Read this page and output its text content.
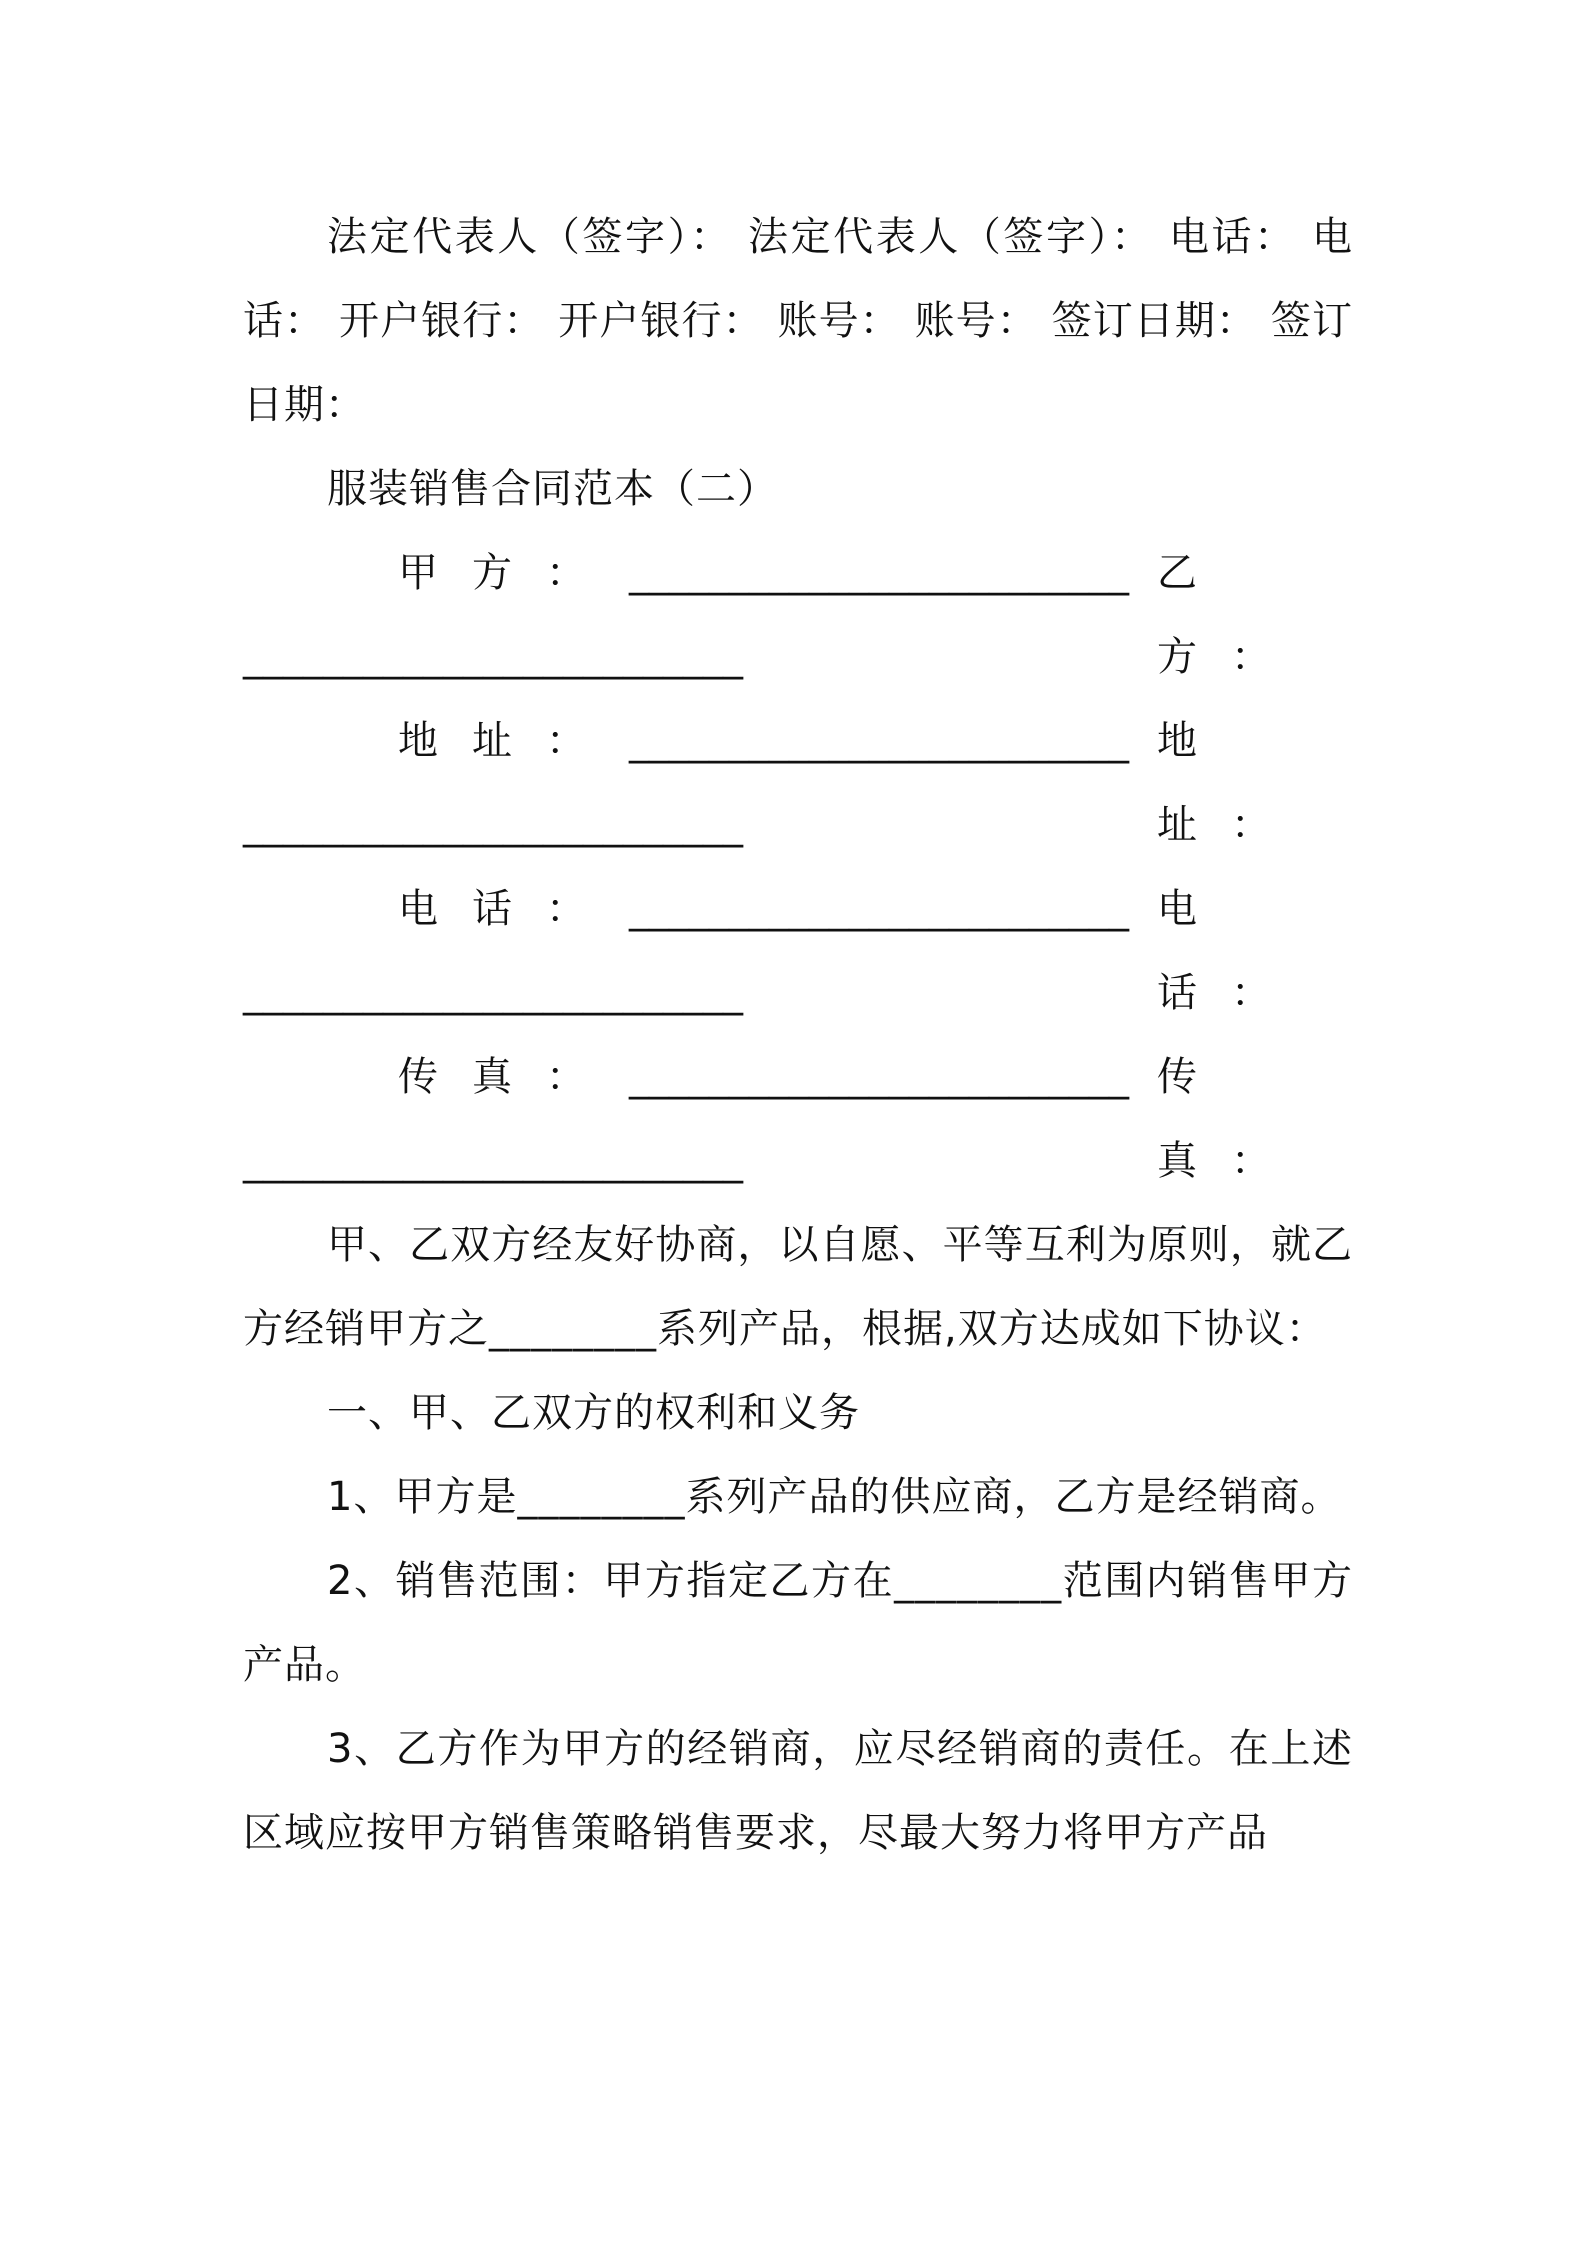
法定代表人（签字）： 法定代表人（签字）： 电话： 电话： 开户银行： 开户银行： 账号： 账号： 签订日期： 签订日期：

服装销售合同范本（二）

甲方： _________________________ 乙方：
_________________________
地址： _________________________ 地址：
_________________________
电话： _________________________ 电话：
_________________________
传真： _________________________ 传真：
_________________________

甲、乙双方经友好协商，以自愿、平等互利为原则，就乙方经销甲方之________系列产品，根据,双方达成如下协议：

一、甲、乙双方的权利和义务

1、甲方是________系列产品的供应商，乙方是经销商。

2、销售范围：甲方指定乙方在________范围内销售甲方产品。

3、乙方作为甲方的经销商，应尽经销商的责任。在上述区域应按甲方销售策略销售要求，尽最大努力将甲方产品
